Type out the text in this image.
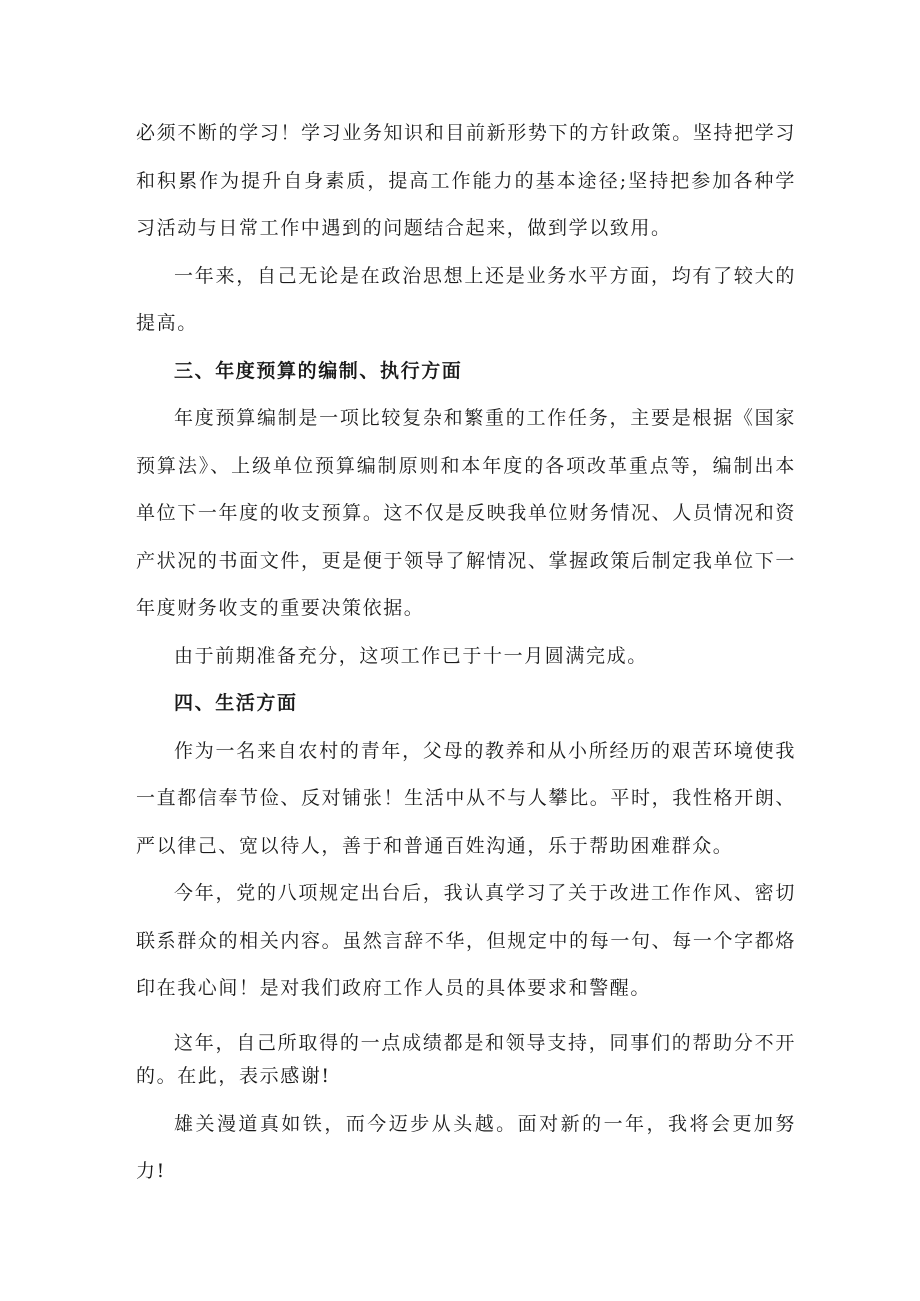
必须不断的学习！学习业务知识和目前新形势下的方针政策。坚持把学习和积累作为提升自身素质，提高工作能力的基本途径;坚持把参加各种学习活动与日常工作中遇到的问题结合起来，做到学以致用。

一年来，自己无论是在政治思想上还是业务水平方面，均有了较大的提高。

三、年度预算的编制、执行方面

年度预算编制是一项比较复杂和繁重的工作任务，主要是根据《国家预算法》、上级单位预算编制原则和本年度的各项改革重点等，编制出本单位下一年度的收支预算。这不仅是反映我单位财务情况、人员情况和资产状况的书面文件，更是便于领导了解情况、掌握政策后制定我单位下一年度财务收支的重要决策依据。

由于前期准备充分，这项工作已于十一月圆满完成。

四、生活方面

作为一名来自农村的青年，父母的教养和从小所经历的艰苦环境使我一直都信奉节俭、反对铺张！生活中从不与人攀比。平时，我性格开朗、严以律己、宽以待人，善于和普通百姓沟通，乐于帮助困难群众。

今年，党的八项规定出台后，我认真学习了关于改进工作作风、密切联系群众的相关内容。虽然言辞不华，但规定中的每一句、每一个字都烙印在我心间！是对我们政府工作人员的具体要求和警醒。

这年，自己所取得的一点成绩都是和领导支持，同事们的帮助分不开的。在此，表示感谢!

雄关漫道真如铁，而今迈步从头越。面对新的一年，我将会更加努力!
